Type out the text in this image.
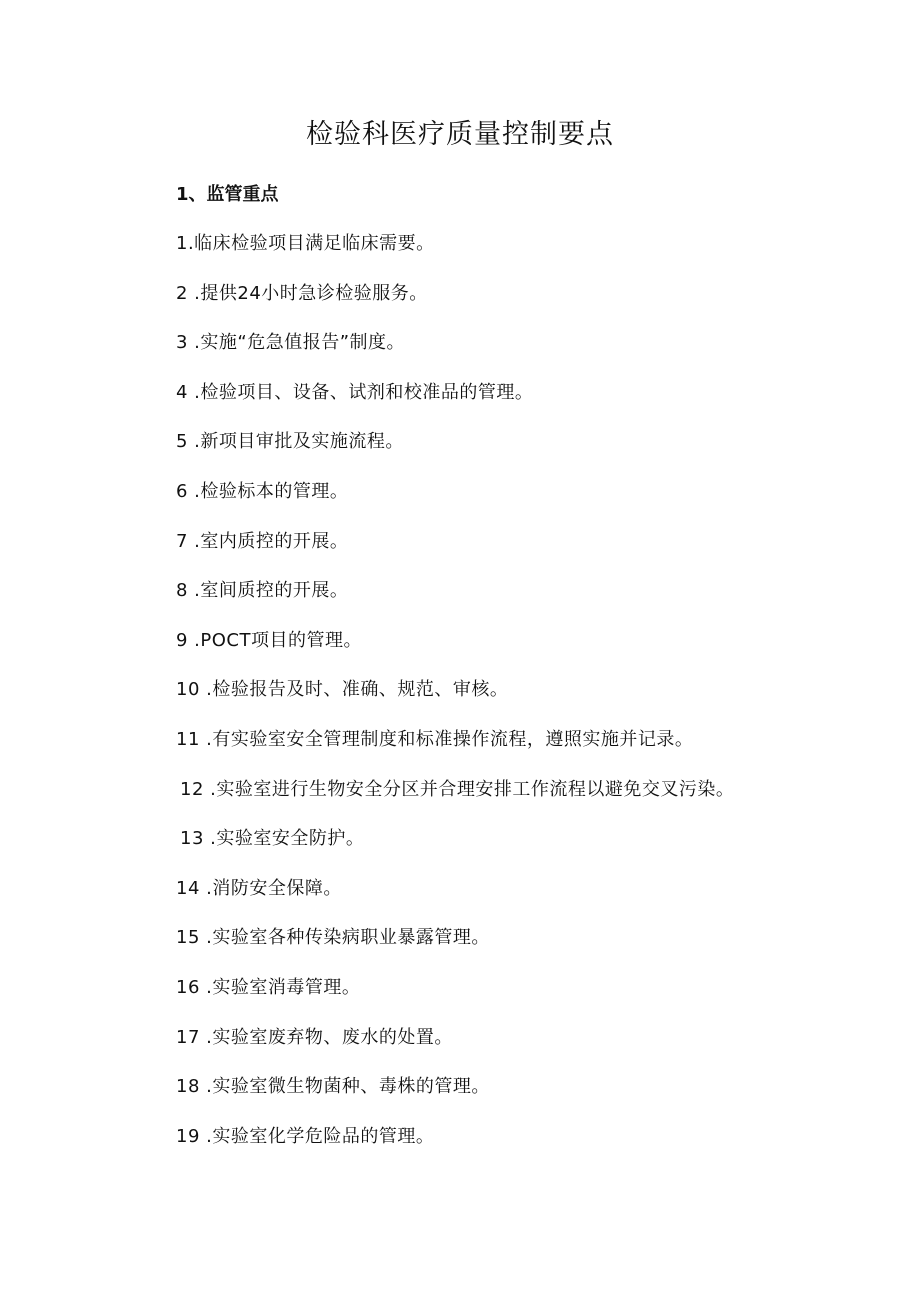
检验科医疗质量控制要点
1、监管重点
1.临床检验项目满足临床需要。
2 .提供24小时急诊检验服务。
3 .实施“危急值报告”制度。
4 .检验项目、设备、试剂和校准品的管理。
5 .新项目审批及实施流程。
6 .检验标本的管理。
7 .室内质控的开展。
8 .室间质控的开展。
9 .POCT项目的管理。
10 .检验报告及时、准确、规范、审核。
11 .有实验室安全管理制度和标准操作流程，遵照实施并记录。
12 .实验室进行生物安全分区并合理安排工作流程以避免交叉污染。
13 .实验室安全防护。
14 .消防安全保障。
15 .实验室各种传染病职业暴露管理。
16 .实验室消毒管理。
17 .实验室废弃物、废水的处置。
18 .实验室微生物菌种、毒株的管理。
19 .实验室化学危险品的管理。
